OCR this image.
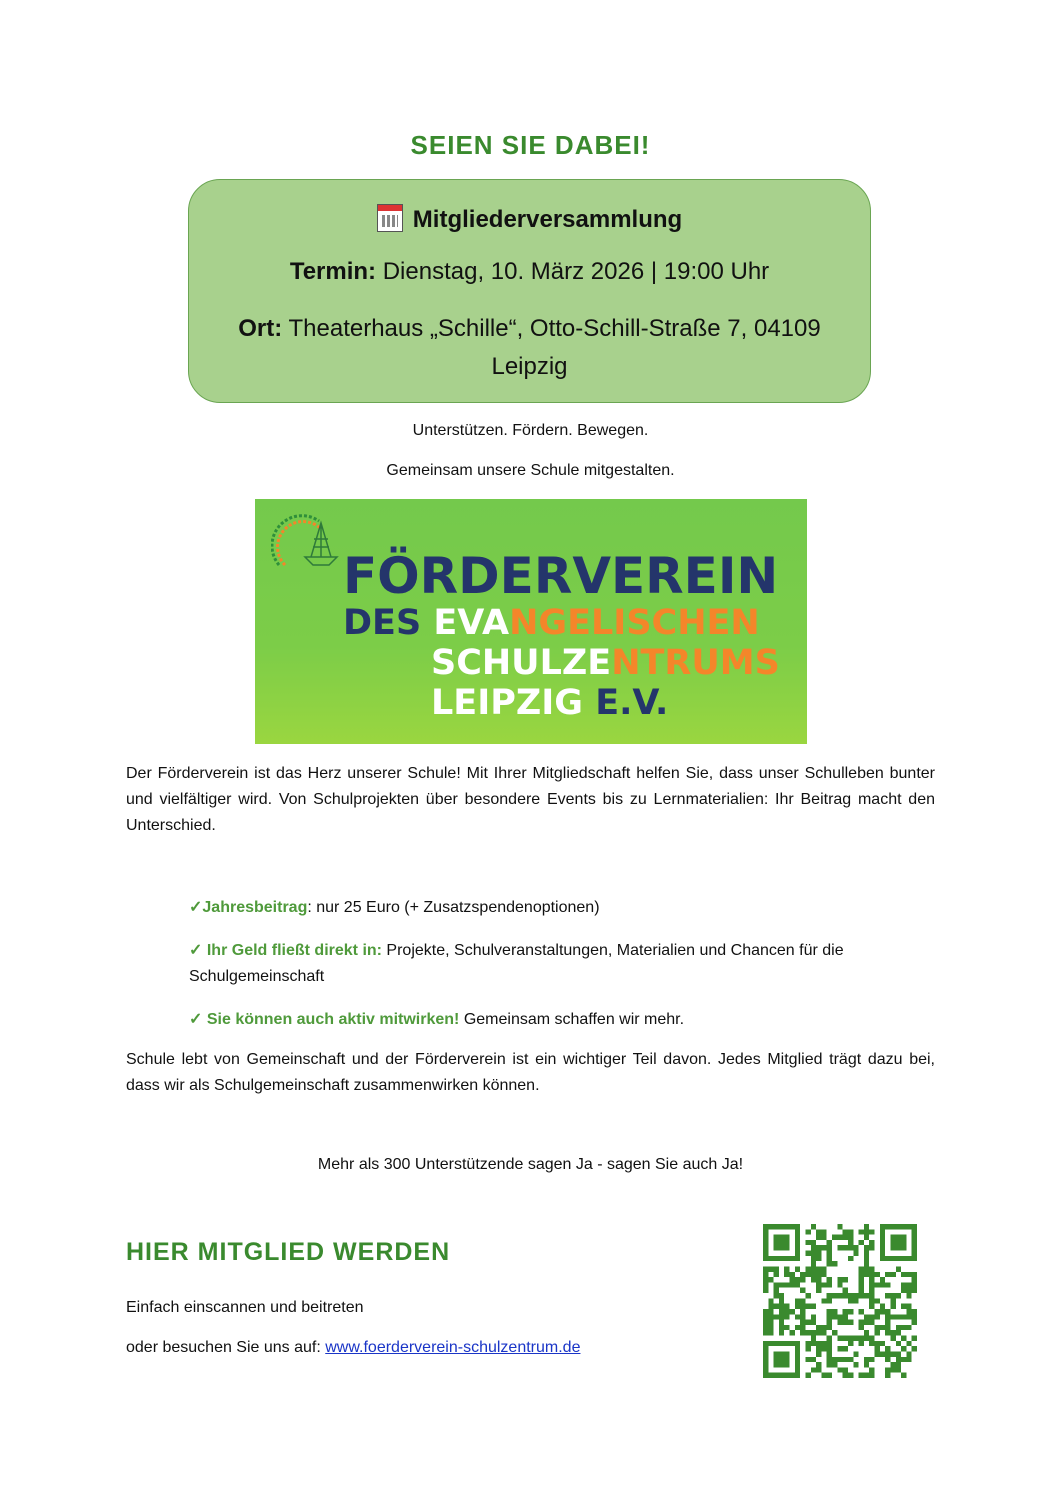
SEIEN SIE DABEI!
Mitgliederversammlung
Termin: Dienstag, 10. März 2026 | 19:00 Uhr
Ort: Theaterhaus „Schille“, Otto-Schill-Straße 7, 04109
Leipzig
Unterstützen. Fördern. Bewegen.
Gemeinsam unsere Schule mitgestalten.
FÖRDERVEREIN
DES EVANGELISCHEN
SCHULZENTRUMS
LEIPZIG E.V.
Der Förderverein ist das Herz unserer Schule! Mit Ihrer Mitgliedschaft helfen Sie, dass unser Schulleben bunter und vielfältiger wird. Von Schulprojekten über besondere Events bis zu Lernmaterialien: Ihr Beitrag macht den Unterschied.
✓Jahresbeitrag: nur 25 Euro (+ Zusatzspendenoptionen)
✓ Ihr Geld fließt direkt in: Projekte, Schulveranstaltungen, Materialien und Chancen für die Schulgemeinschaft
✓ Sie können auch aktiv mitwirken! Gemeinsam schaffen wir mehr.
Schule lebt von Gemeinschaft und der Förderverein ist ein wichtiger Teil davon. Jedes Mitglied trägt dazu bei, dass wir als Schulgemeinschaft zusammenwirken können.
Mehr als 300 Unterstützende sagen Ja - sagen Sie auch Ja!
HIER MITGLIED WERDEN
Einfach einscannen und beitreten
oder besuchen Sie uns auf: www.foerderverein-schulzentrum.de
